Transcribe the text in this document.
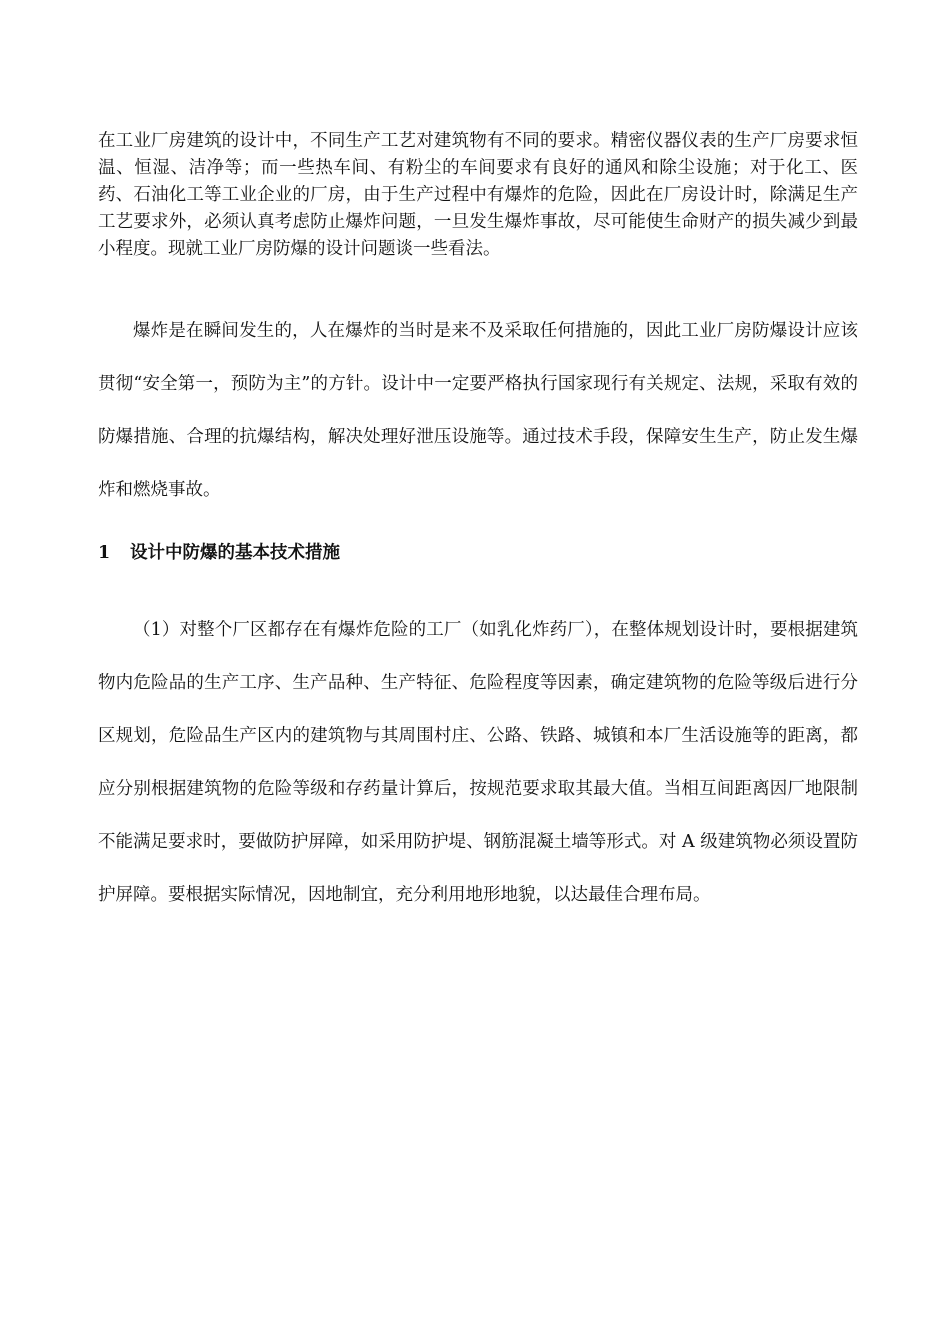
在工业厂房建筑的设计中，不同生产工艺对建筑物有不同的要求。精密仪器仪表的生产厂房要求恒温、恒湿、洁净等；而一些热车间、有粉尘的车间要求有良好的通风和除尘设施；对于化工、医药、石油化工等工业企业的厂房，由于生产过程中有爆炸的危险，因此在厂房设计时，除满足生产工艺要求外，必须认真考虑防止爆炸问题，一旦发生爆炸事故，尽可能使生命财产的损失减少到最小程度。现就工业厂房防爆的设计问题谈一些看法。

爆炸是在瞬间发生的，人在爆炸的当时是来不及采取任何措施的，因此工业厂房防爆设计应该贯彻“安全第一，预防为主”的方针。设计中一定要严格执行国家现行有关规定、法规，采取有效的防爆措施、合理的抗爆结构，解决处理好泄压设施等。通过技术手段，保障安生生产，防止发生爆炸和燃烧事故。

1 设计中防爆的基本技术措施

（1）对整个厂区都存在有爆炸危险的工厂（如乳化炸药厂），在整体规划设计时，要根据建筑物内危险品的生产工序、生产品种、生产特征、危险程度等因素，确定建筑物的危险等级后进行分区规划，危险品生产区内的建筑物与其周围村庄、公路、铁路、城镇和本厂生活设施等的距离，都应分别根据建筑物的危险等级和存药量计算后，按规范要求取其最大值。当相互间距离因厂地限制不能满足要求时，要做防护屏障，如采用防护堤、钢筋混凝土墙等形式。对 A 级建筑物必须设置防护屏障。要根据实际情况，因地制宜，充分利用地形地貌，以达最佳合理布局。
